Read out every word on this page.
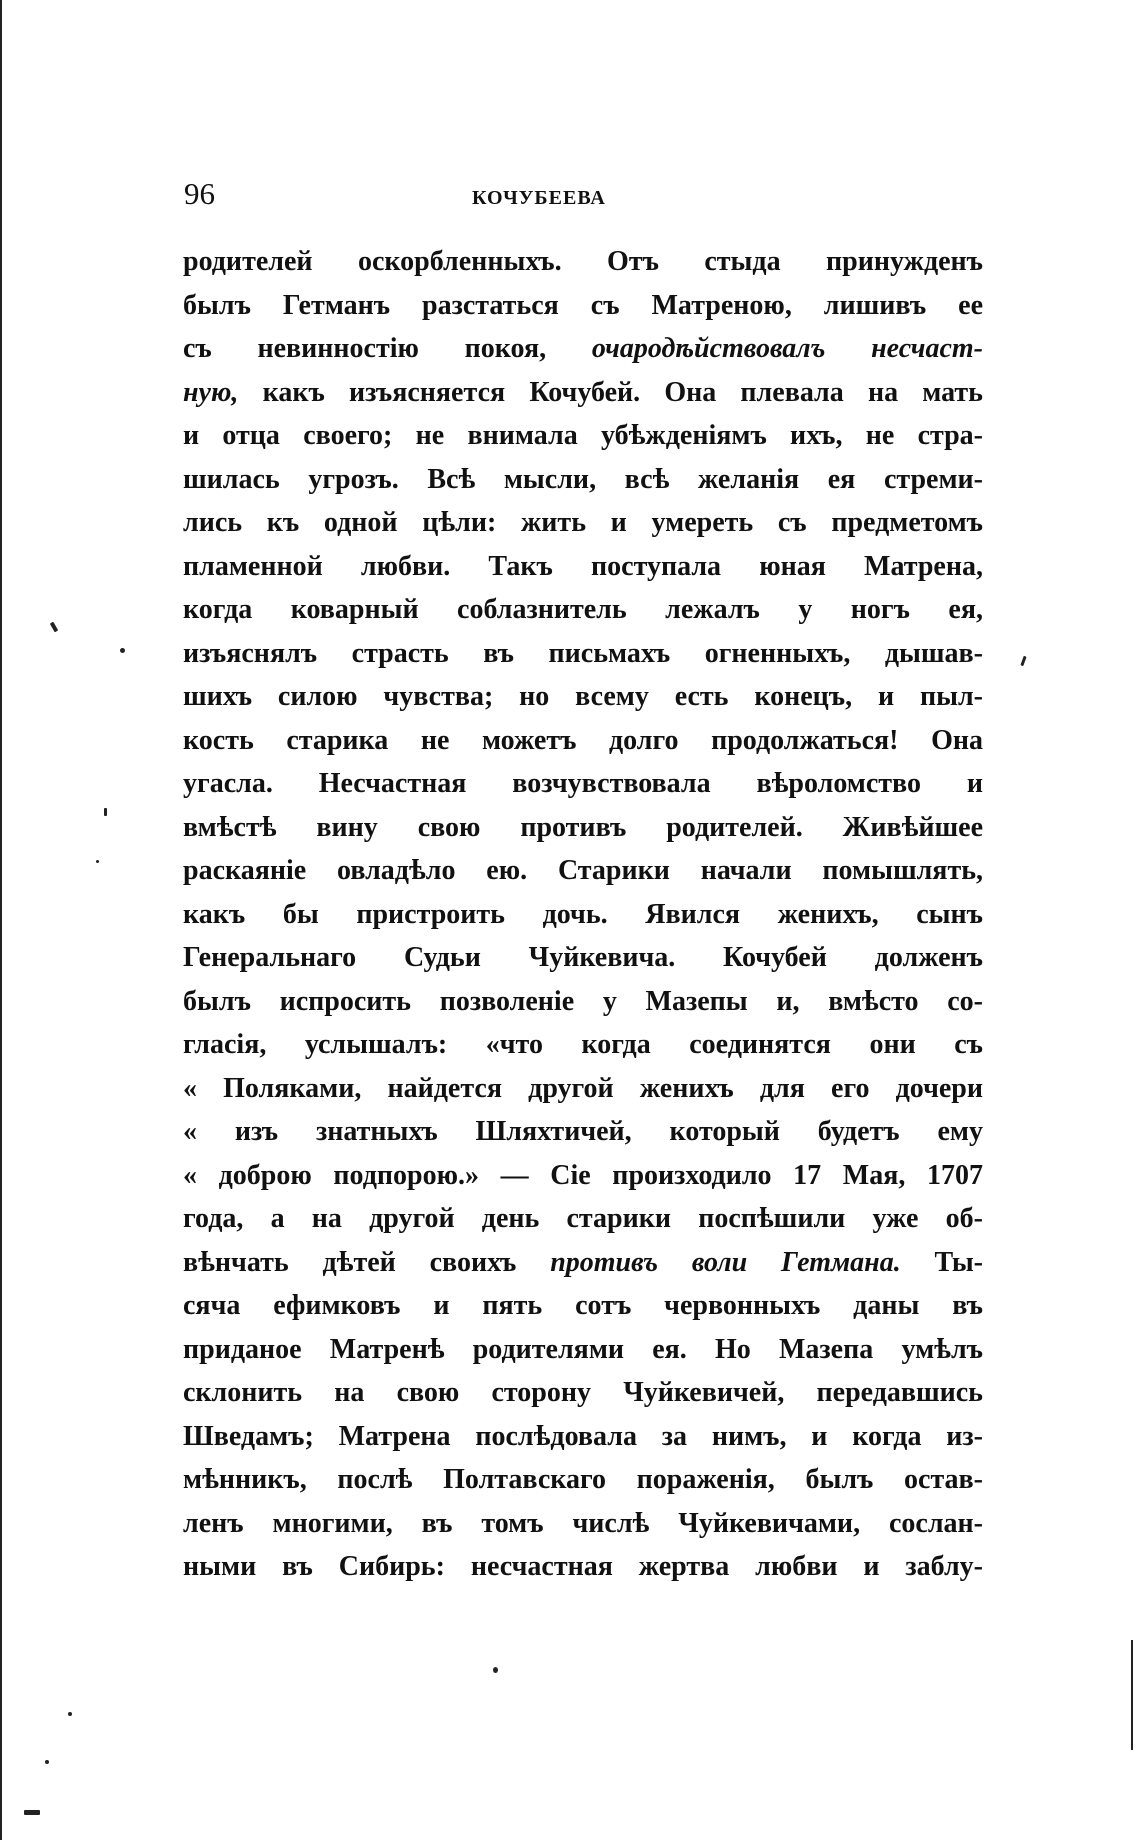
96	КОЧУБЕЕВА
родителей оскорбленныхъ. Отъ стыда принужденъ
былъ Гетманъ разстаться съ Матреною, лишивъ ее
съ невинностію покоя, очародѣйствовалъ несчаст-
ную, какъ изъясняется Кочубей. Она плевала на мать
и отца своего; не внимала убѣжденіямъ ихъ, не стра-
шилась угрозъ. Всѣ мысли, всѣ желанія ея стреми-
лись къ одной цѣли: жить и умереть съ предметомъ
пламенной любви. Такъ поступала юная Матрена,
когда коварный соблазнитель лежалъ у ногъ ея,
изъяснялъ страсть въ письмахъ огненныхъ, дышав-
шихъ силою чувства; но всему есть конецъ, и пыл-
кость старика не можетъ долго продолжаться! Она
угасла. Несчастная возчувствовала вѣроломство и
вмѣстѣ вину свою противъ родителей. Живѣйшее
раскаяніе овладѣло ею. Старики начали помышлять,
какъ бы пристроить дочь. Явился женихъ, сынъ
Генеральнаго Судьи Чуйкевича. Кочубей долженъ
былъ испросить позволеніе у Мазепы и, вмѣсто со-
гласія, услышалъ: «что когда соединятся они съ
« Поляками, найдется другой женихъ для его дочери
« изъ знатныхъ Шляхтичей, который будетъ ему
« доброю подпорою.» — Сіе произходило 17 Мая, 1707
года, а на другой день старики поспѣшили уже об-
вѣнчать дѣтей своихъ противъ воли Гетмана. Ты-
сяча ефимковъ и пять сотъ червонныхъ даны въ
приданое Матренѣ родителями ея. Но Мазепа умѣлъ
склонить на свою сторону Чуйкевичей, передавшись
Шведамъ; Матрена послѣдовала за нимъ, и когда из-
мѣнникъ, послѣ Полтавскаго пораженія, былъ остав-
ленъ многими, въ томъ числѣ Чуйкевичами, сослан-
ными въ Сибирь: несчастная жертва любви и заблу-
